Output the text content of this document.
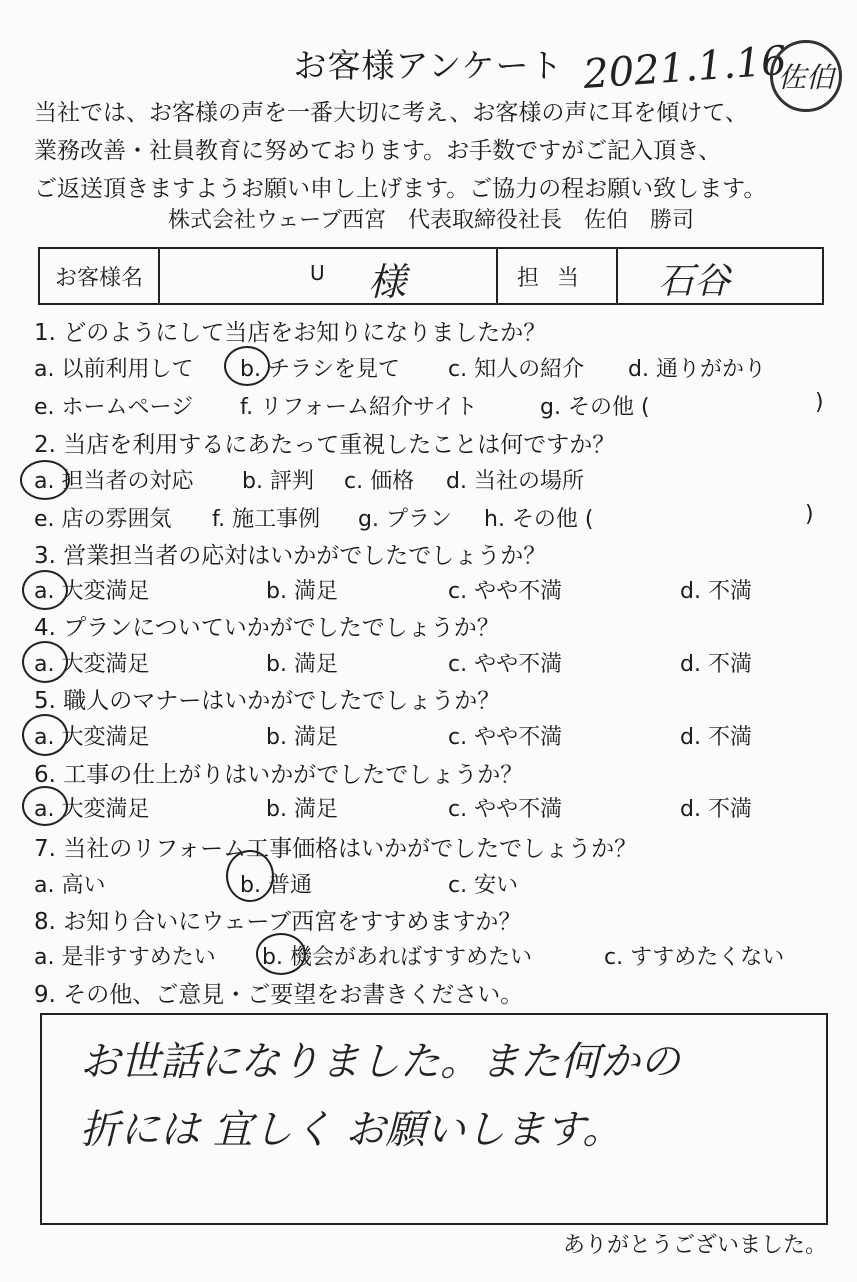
お客様アンケート 2021.1.16
佐伯
当社では、お客様の声を一番大切に考え、お客様の声に耳を傾けて、
業務改善・社員教育に努めております。お手数ですがご記入頂き、
ご返送頂きますようお願い申し上げます。ご協力の程お願い致します。
株式会社ウェーブ西宮　代表取締役社長　佐伯　勝司
お客様名	U 様	担当	石谷
1. どのようにして当店をお知りになりましたか？
a. 以前利用して b. チラシを見て c. 知人の紹介 d. 通りがかり
e. ホームページ f. リフォーム紹介サイト	g. その他 (	)
2. 当店を利用するにあたって重視したことは何ですか？
a. 担当者の対応 b. 評判 c. 価格 d. 当社の場所
e. 店の雰囲気 f. 施工事例 g. プラン h. その他 (	)
3. 営業担当者の応対はいかがでしたでしょうか？
a. 大変満足	b. 満足	c. やや不満	d. 不満
4. プランについていかがでしたでしょうか？
a. 大変満足	b. 満足	c. やや不満	d. 不満
5. 職人のマナーはいかがでしたでしょうか？
a. 大変満足	b. 満足	c. やや不満	d. 不満
6. 工事の仕上がりはいかがでしたでしょうか？
a. 大変満足	b. 満足	c. やや不満	d. 不満
7. 当社のリフォーム工事価格はいかがでしたでしょうか？
a. 高い	b. 普通	c. 安い
8. お知り合いにウェーブ西宮をすすめますか？
a. 是非すすめたい b. 機会があればすすめたい	c. すすめたくない
9. その他、ご意見・ご要望をお書きください。
お世話になりました。また何かの
折には 宜しく お願いします。
ありがとうございました。
